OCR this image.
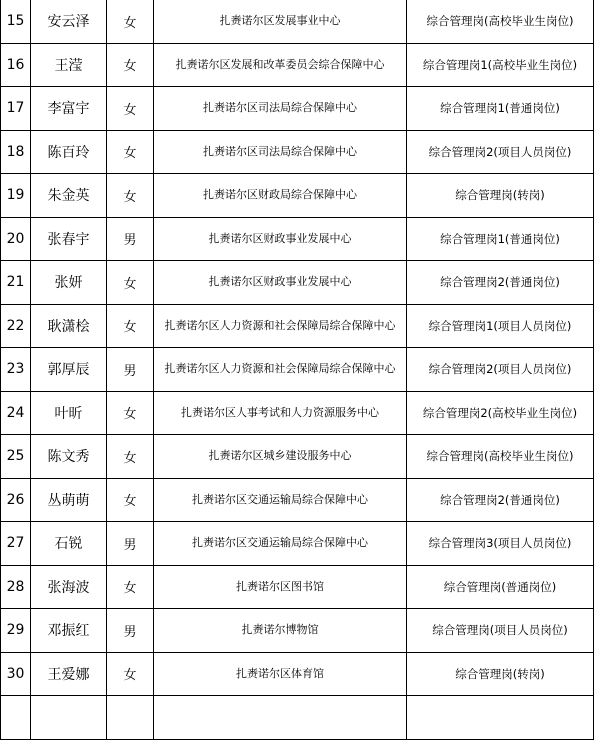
15	安云泽	女	扎赉诺尔区发展事业中心	综合管理岗(高校毕业生岗位)
16	王滢	女	扎赉诺尔区发展和改革委员会综合保障中心	综合管理岗1(高校毕业生岗位)
17	李富宇	女	扎赉诺尔区司法局综合保障中心	综合管理岗1(普通岗位)
18	陈百玲	女	扎赉诺尔区司法局综合保障中心	综合管理岗2(项目人员岗位)
19	朱金英	女	扎赉诺尔区财政局综合保障中心	综合管理岗(转岗)
20	张春宇	男	扎赉诺尔区财政事业发展中心	综合管理岗1(普通岗位)
21	张妍	女	扎赉诺尔区财政事业发展中心	综合管理岗2(普通岗位)
22	耿潇桧	女	扎赉诺尔区人力资源和社会保障局综合保障中心	综合管理岗1(项目人员岗位)
23	郭厚辰	男	扎赉诺尔区人力资源和社会保障局综合保障中心	综合管理岗2(项目人员岗位)
24	叶昕	女	扎赉诺尔区人事考试和人力资源服务中心	综合管理岗2(高校毕业生岗位)
25	陈文秀	女	扎赉诺尔区城乡建设服务中心	综合管理岗(高校毕业生岗位)
26	丛萌萌	女	扎赉诺尔区交通运输局综合保障中心	综合管理岗2(普通岗位)
27	石锐	男	扎赉诺尔区交通运输局综合保障中心	综合管理岗3(项目人员岗位)
28	张海波	女	扎赉诺尔区图书馆	综合管理岗(普通岗位)
29	邓振红	男	扎赉诺尔博物馆	综合管理岗(项目人员岗位)
30	王爱娜	女	扎赉诺尔区体育馆	综合管理岗(转岗)
